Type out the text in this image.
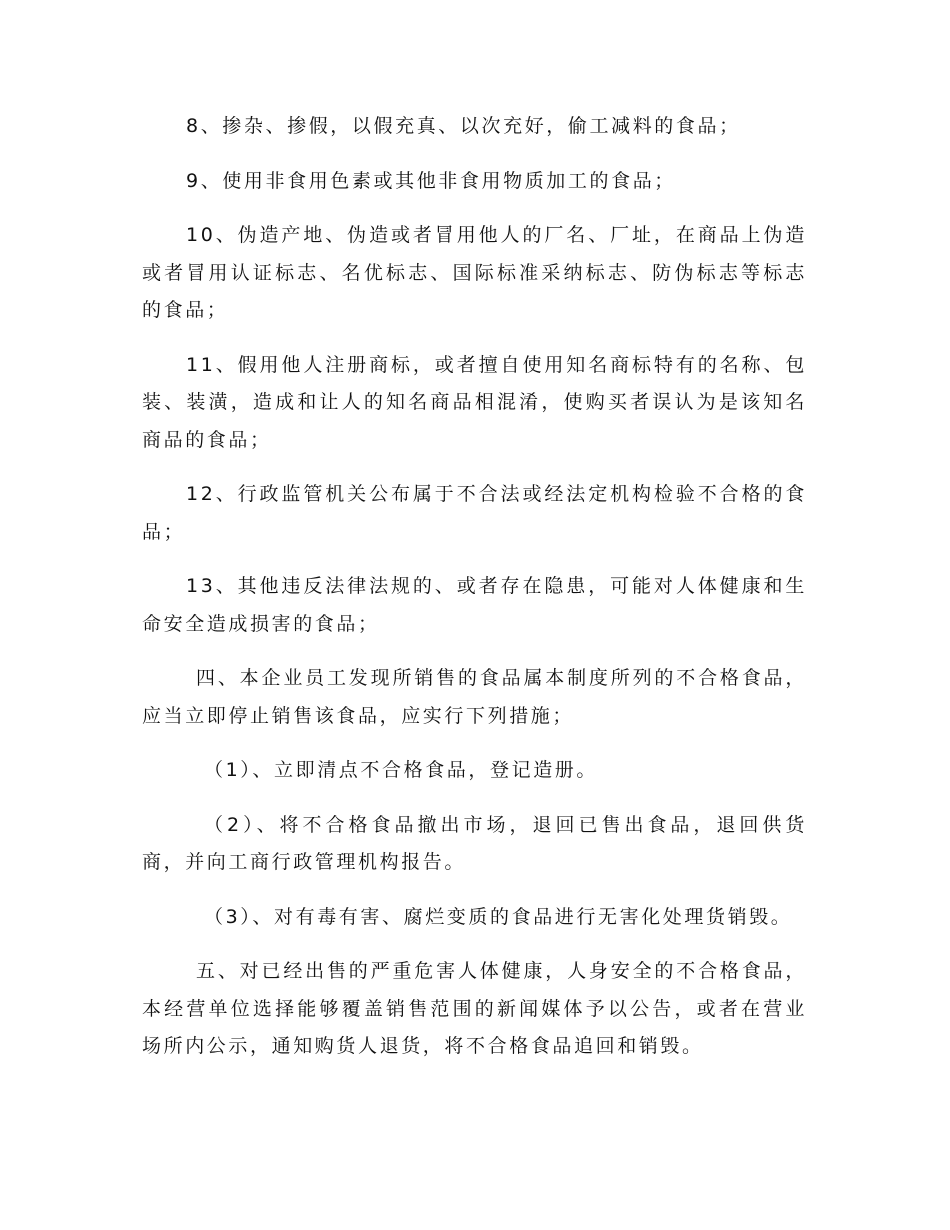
8、掺杂、掺假，以假充真、以次充好，偷工减料的食品；

9、使用非食用色素或其他非食用物质加工的食品；

10、伪造产地、伪造或者冒用他人的厂名、厂址，在商品上伪造或者冒用认证标志、名优标志、国际标准采纳标志、防伪标志等标志的食品；

11、假用他人注册商标，或者擅自使用知名商标特有的名称、包装、装潢，造成和让人的知名商品相混淆，使购买者误认为是该知名商品的食品；

12、行政监管机关公布属于不合法或经法定机构检验不合格的食品；

13、其他违反法律法规的、或者存在隐患，可能对人体健康和生命安全造成损害的食品；

四、本企业员工发现所销售的食品属本制度所列的不合格食品，应当立即停止销售该食品，应实行下列措施；

（1）、立即清点不合格食品，登记造册。

（2）、将不合格食品撤出市场，退回已售出食品，退回供货商，并向工商行政管理机构报告。

（3）、对有毒有害、腐烂变质的食品进行无害化处理货销毁。

五、对已经出售的严重危害人体健康，人身安全的不合格食品，本经营单位选择能够覆盖销售范围的新闻媒体予以公告，或者在营业场所内公示，通知购货人退货，将不合格食品追回和销毁。
